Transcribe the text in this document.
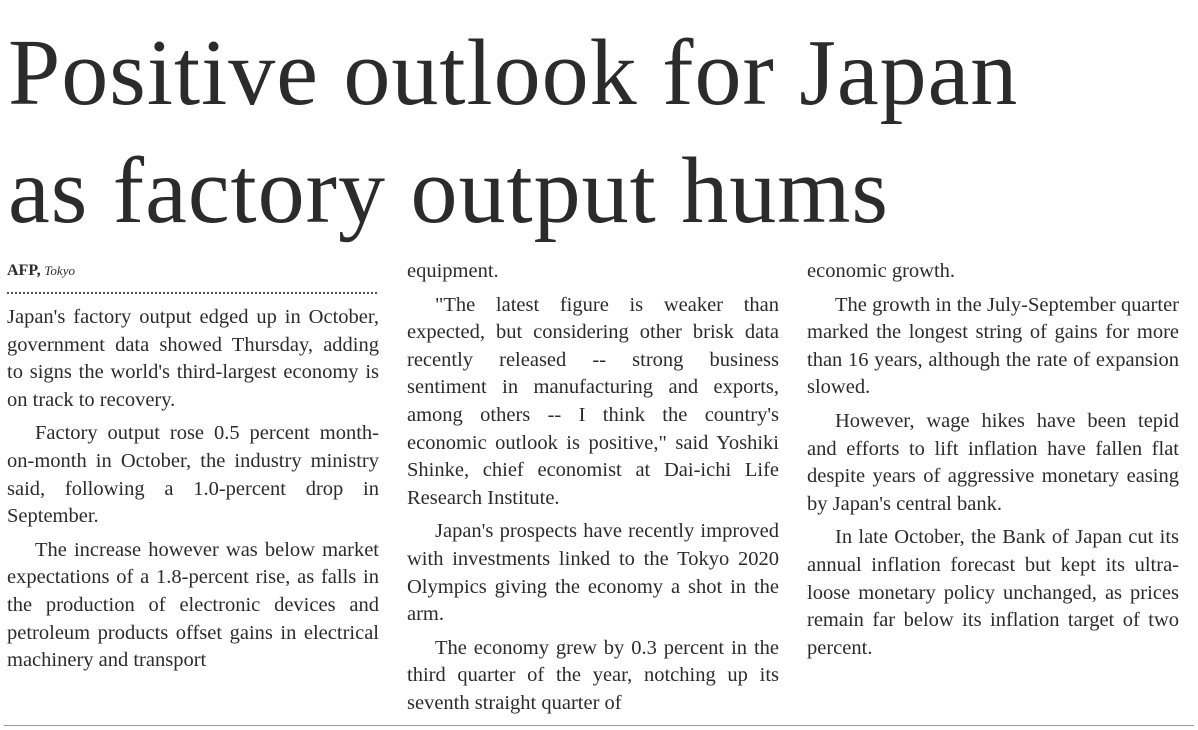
Positive outlook for Japan
as factory output hums
AFP, Tokyo

Japan's factory output edged up in October, government data showed Thursday, adding to signs the world's third-largest economy is on track to recovery.

Factory output rose 0.5 percent month-on-month in October, the industry ministry said, following a 1.0-percent drop in September.

The increase however was below market expectations of a 1.8-percent rise, as falls in the production of electronic devices and petroleum products offset gains in electrical machinery and transport

equipment.

"The latest figure is weaker than expected, but considering other brisk data recently released -- strong business sentiment in manufacturing and exports, among others -- I think the country's economic outlook is positive," said Yoshiki Shinke, chief economist at Dai-ichi Life Research Institute.

Japan's prospects have recently improved with investments linked to the Tokyo 2020 Olympics giving the economy a shot in the arm.

The economy grew by 0.3 percent in the third quarter of the year, notching up its seventh straight quarter of

economic growth.

The growth in the July-September quarter marked the longest string of gains for more than 16 years, although the rate of expansion slowed.

However, wage hikes have been tepid and efforts to lift inflation have fallen flat despite years of aggressive monetary easing by Japan's central bank.

In late October, the Bank of Japan cut its annual inflation forecast but kept its ultra-loose monetary policy unchanged, as prices remain far below its inflation target of two percent.
